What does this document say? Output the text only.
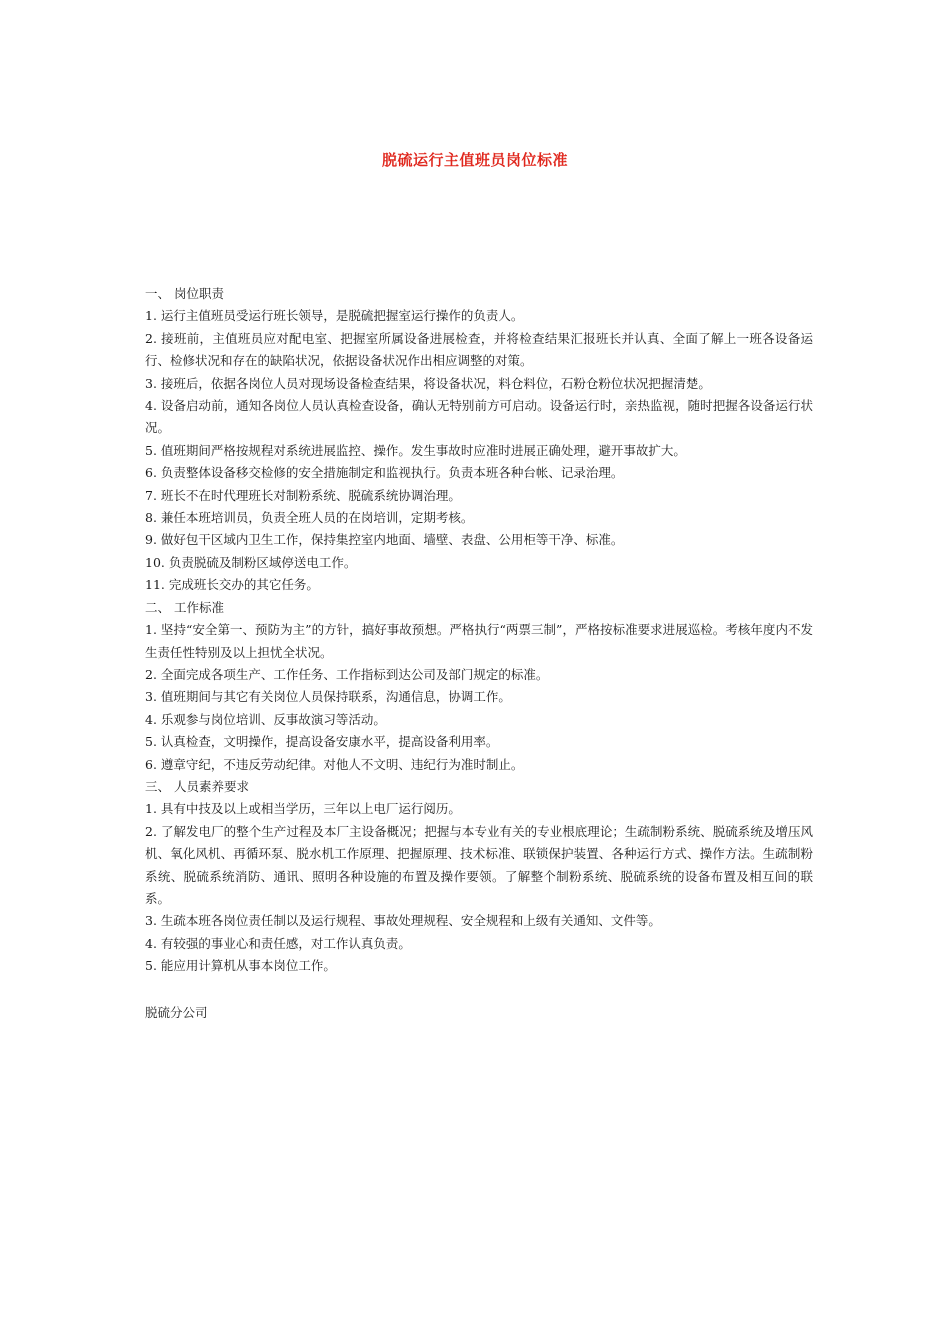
脱硫运行主值班员岗位标准

一、 岗位职责

1. 运行主值班员受运行班长领导，是脱硫把握室运行操作的负责人。

2. 接班前，主值班员应对配电室、把握室所属设备进展检查，并将检查结果汇报班长并认真、全面了解上一班各设备运行、检修状况和存在的缺陷状况，依据设备状况作出相应调整的对策。

3. 接班后，依据各岗位人员对现场设备检查结果，将设备状况，料仓料位，石粉仓粉位状况把握清楚。

4. 设备启动前，通知各岗位人员认真检查设备，确认无特别前方可启动。设备运行时，亲热监视，随时把握各设备运行状况。

5. 值班期间严格按规程对系统进展监控、操作。发生事故时应准时进展正确处理，避开事故扩大。

6. 负责整体设备移交检修的安全措施制定和监视执行。负责本班各种台帐、记录治理。

7. 班长不在时代理班长对制粉系统、脱硫系统协调治理。

8. 兼任本班培训员，负责全班人员的在岗培训，定期考核。

9. 做好包干区域内卫生工作，保持集控室内地面、墙壁、表盘、公用柜等干净、标准。

10. 负责脱硫及制粉区域停送电工作。

11. 完成班长交办的其它任务。

二、 工作标准

1. 坚持“安全第一、预防为主”的方针，搞好事故预想。严格执行“两票三制”，严格按标准要求进展巡检。考核年度内不发生责任性特别及以上担忧全状况。

2. 全面完成各项生产、工作任务、工作指标到达公司及部门规定的标准。

3. 值班期间与其它有关岗位人员保持联系，沟通信息，协调工作。

4. 乐观参与岗位培训、反事故演习等活动。

5. 认真检查，文明操作，提高设备安康水平，提高设备利用率。

6. 遵章守纪，不违反劳动纪律。对他人不文明、违纪行为准时制止。

三、 人员素养要求

1. 具有中技及以上或相当学历，三年以上电厂运行阅历。

2. 了解发电厂的整个生产过程及本厂主设备概况；把握与本专业有关的专业根底理论；生疏制粉系统、脱硫系统及增压风机、氧化风机、再循环泵、脱水机工作原理、把握原理、技术标准、联锁保护装置、各种运行方式、操作方法。生疏制粉系统、脱硫系统消防、通讯、照明各种设施的布置及操作要领。了解整个制粉系统、脱硫系统的设备布置及相互间的联系。

3. 生疏本班各岗位责任制以及运行规程、事故处理规程、安全规程和上级有关通知、文件等。

4. 有较强的事业心和责任感，对工作认真负责。

5. 能应用计算机从事本岗位工作。

脱硫分公司
